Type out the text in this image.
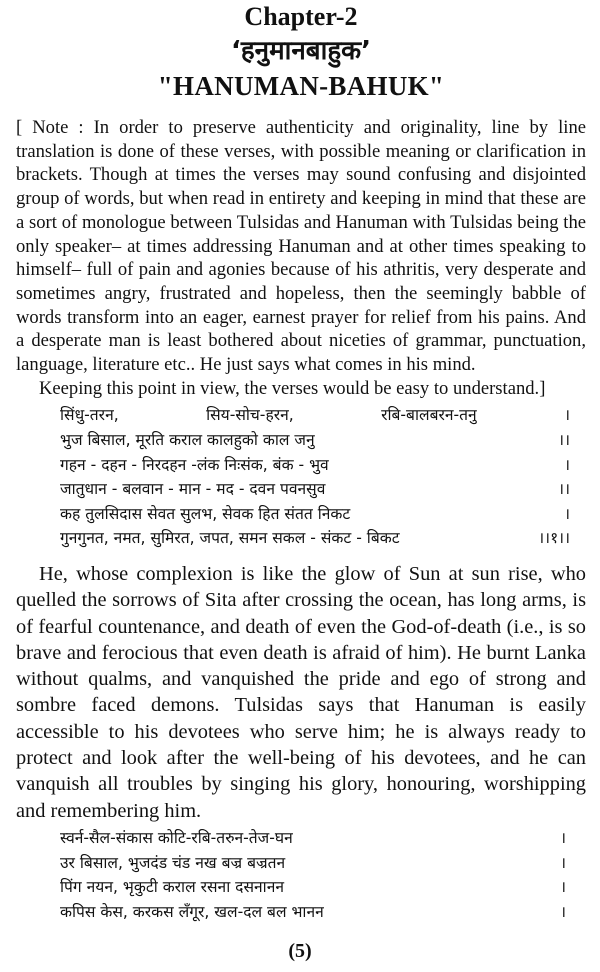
Chapter-2
‘हनुमानबाहुक’
"HANUMAN-BAHUK"

[ Note : In order to preserve authenticity and originality, line by line translation is done of these verses, with possible meaning or clarification in brackets. Though at times the verses may sound confusing and disjointed group of words, but when read in entirety and keeping in mind that these are a sort of monologue between Tulsidas and Hanuman with Tulsidas being the only speaker– at times addressing Hanuman and at other times speaking to himself– full of pain and agonies because of his athritis, very desperate and sometimes angry, frustrated and hopeless, then the seemingly babble of words transform into an eager, earnest prayer for relief from his pains. And a desperate man is least bothered about niceties of grammar, punctuation, language, literature etc.. He just says what comes in his mind.

Keeping this point in view, the verses would be easy to understand.]

सिंधु-तरन,	सिय-सोच-हरन,	रबि-बालबरन-तनु	।
भुज बिसाल, मूरति कराल कालहुको काल जनु	।।
गहन - दहन - निरदहन -लंक निःसंक, बंक - भुव	।
जातुधान - बलवान - मान - मद - दवन पवनसुव	।।
कह तुलसिदास सेवत सुलभ, सेवक हित संतत निकट	।
गुनगुनत, नमत, सुमिरत, जपत, समन सकल - संकट - बिकट	।।१।।

He, whose complexion is like the glow of Sun at sun rise, who quelled the sorrows of Sita after crossing the ocean, has long arms, is of fearful countenance, and death of even the God-of-death (i.e., is so brave and ferocious that even death is afraid of him). He burnt Lanka without qualms, and vanquished the pride and ego of strong and sombre faced demons. Tulsidas says that Hanuman is easily accessible to his devotees who serve him; he is always ready to protect and look after the well-being of his devotees, and he can vanquish all troubles by singing his glory, honouring, worshipping and remembering him.

स्वर्न-सैल-संकास कोटि-रबि-तरुन-तेज-घन	।
उर बिसाल, भुजदंड चंड नख बज्र बज्रतन	।
पिंग नयन, भृकुटी कराल रसना दसनानन	।
कपिस केस, करकस लँगूर, खल-दल बल भानन	।
(5)
